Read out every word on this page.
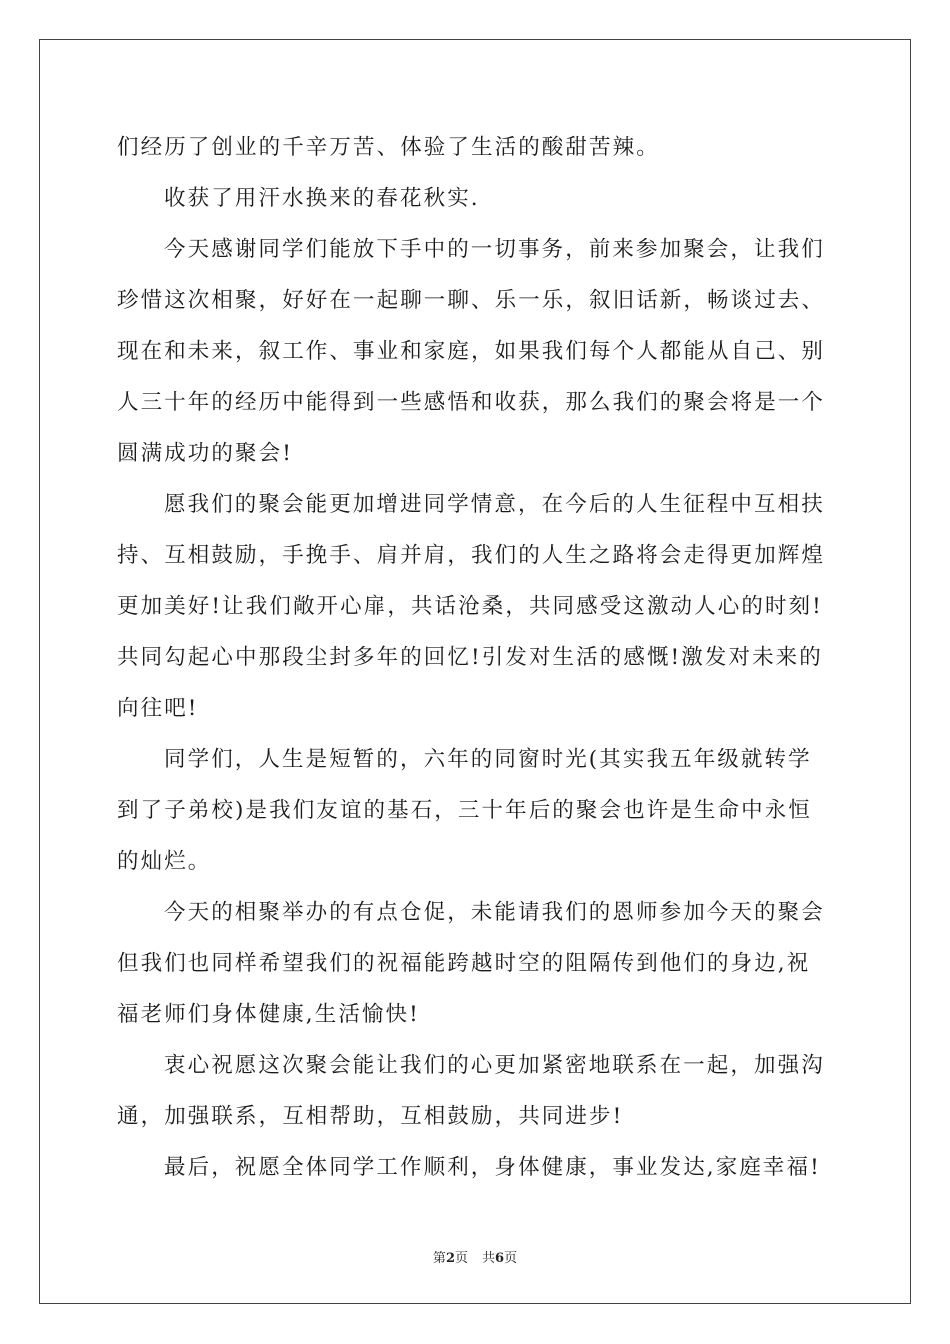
们经历了创业的千辛万苦、体验了生活的酸甜苦辣。
收获了用汗水换来的春花秋实.
今天感谢同学们能放下手中的一切事务，前来参加聚会，让我们
珍惜这次相聚，好好在一起聊一聊、乐一乐，叙旧话新，畅谈过去、
现在和未来，叙工作、事业和家庭，如果我们每个人都能从自己、别
人三十年的经历中能得到一些感悟和收获，那么我们的聚会将是一个
圆满成功的聚会!
愿我们的聚会能更加增进同学情意，在今后的人生征程中互相扶
持、互相鼓励，手挽手、肩并肩，我们的人生之路将会走得更加辉煌
更加美好!让我们敞开心扉，共话沧桑，共同感受这激动人心的时刻!
共同勾起心中那段尘封多年的回忆!引发对生活的感慨!激发对未来的
向往吧!
同学们，人生是短暂的，六年的同窗时光(其实我五年级就转学
到了子弟校)是我们友谊的基石，三十年后的聚会也许是生命中永恒
的灿烂。
今天的相聚举办的有点仓促，未能请我们的恩师参加今天的聚会
但我们也同样希望我们的祝福能跨越时空的阻隔传到他们的身边,祝
福老师们身体健康,生活愉快!
衷心祝愿这次聚会能让我们的心更加紧密地联系在一起，加强沟
通，加强联系，互相帮助，互相鼓励，共同进步!
最后，祝愿全体同学工作顺利，身体健康，事业发达,家庭幸福!
第2页 共6页
